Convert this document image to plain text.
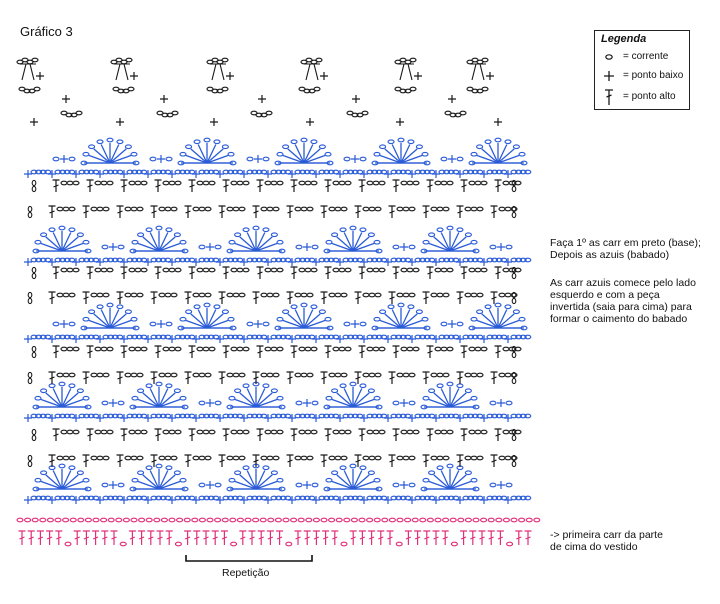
Gráfico 3	Legenda
= corrente
= ponto baixo
= ponto alto
Faça 1º as carr em preto (base);
Depois as azuis (babado)
As carr azuis comece pelo lado
esquerdo e com a peça
invertida (saia para cima) para
formar o caimento do babado
-> primeira carr da parte
de cima do vestido
Repetição
